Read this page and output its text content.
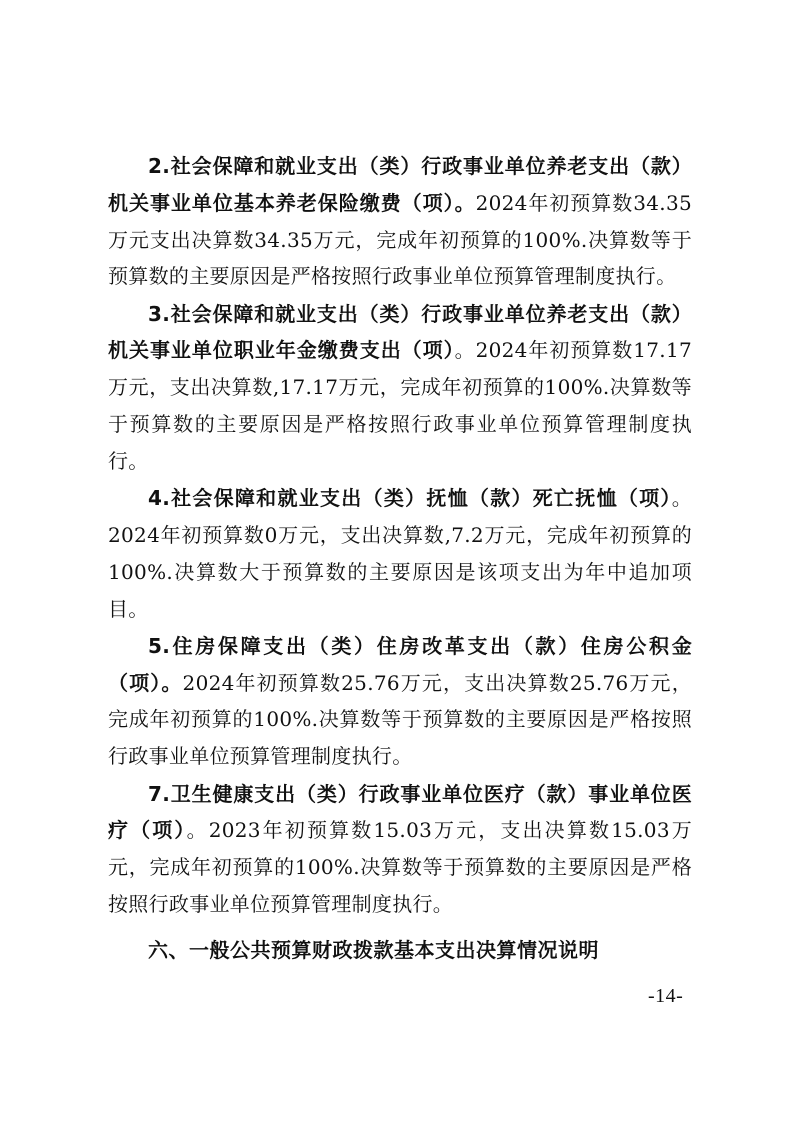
2.社会保障和就业支出（类）行政事业单位养老支出（款）机关事业单位基本养老保险缴费（项）。2024年初预算数34.35万元支出决算数34.35万元，完成年初预算的100%.决算数等于预算数的主要原因是严格按照行政事业单位预算管理制度执行。

3.社会保障和就业支出（类）行政事业单位养老支出（款）机关事业单位职业年金缴费支出（项）。2024年初预算数17.17万元，支出决算数,17.17万元，完成年初预算的100%.决算数等于预算数的主要原因是严格按照行政事业单位预算管理制度执行。

4.社会保障和就业支出（类）抚恤（款）死亡抚恤（项）。2024年初预算数0万元，支出决算数,7.2万元，完成年初预算的100%.决算数大于预算数的主要原因是该项支出为年中追加项目。

5.住房保障支出（类）住房改革支出（款）住房公积金（项）。2024年初预算数25.76万元，支出决算数25.76万元，完成年初预算的100%.决算数等于预算数的主要原因是严格按照行政事业单位预算管理制度执行。

7.卫生健康支出（类）行政事业单位医疗（款）事业单位医疗（项）。2023年初预算数15.03万元，支出决算数15.03万元，完成年初预算的100%.决算数等于预算数的主要原因是严格按照行政事业单位预算管理制度执行。

六、一般公共预算财政拨款基本支出决算情况说明

-14-
